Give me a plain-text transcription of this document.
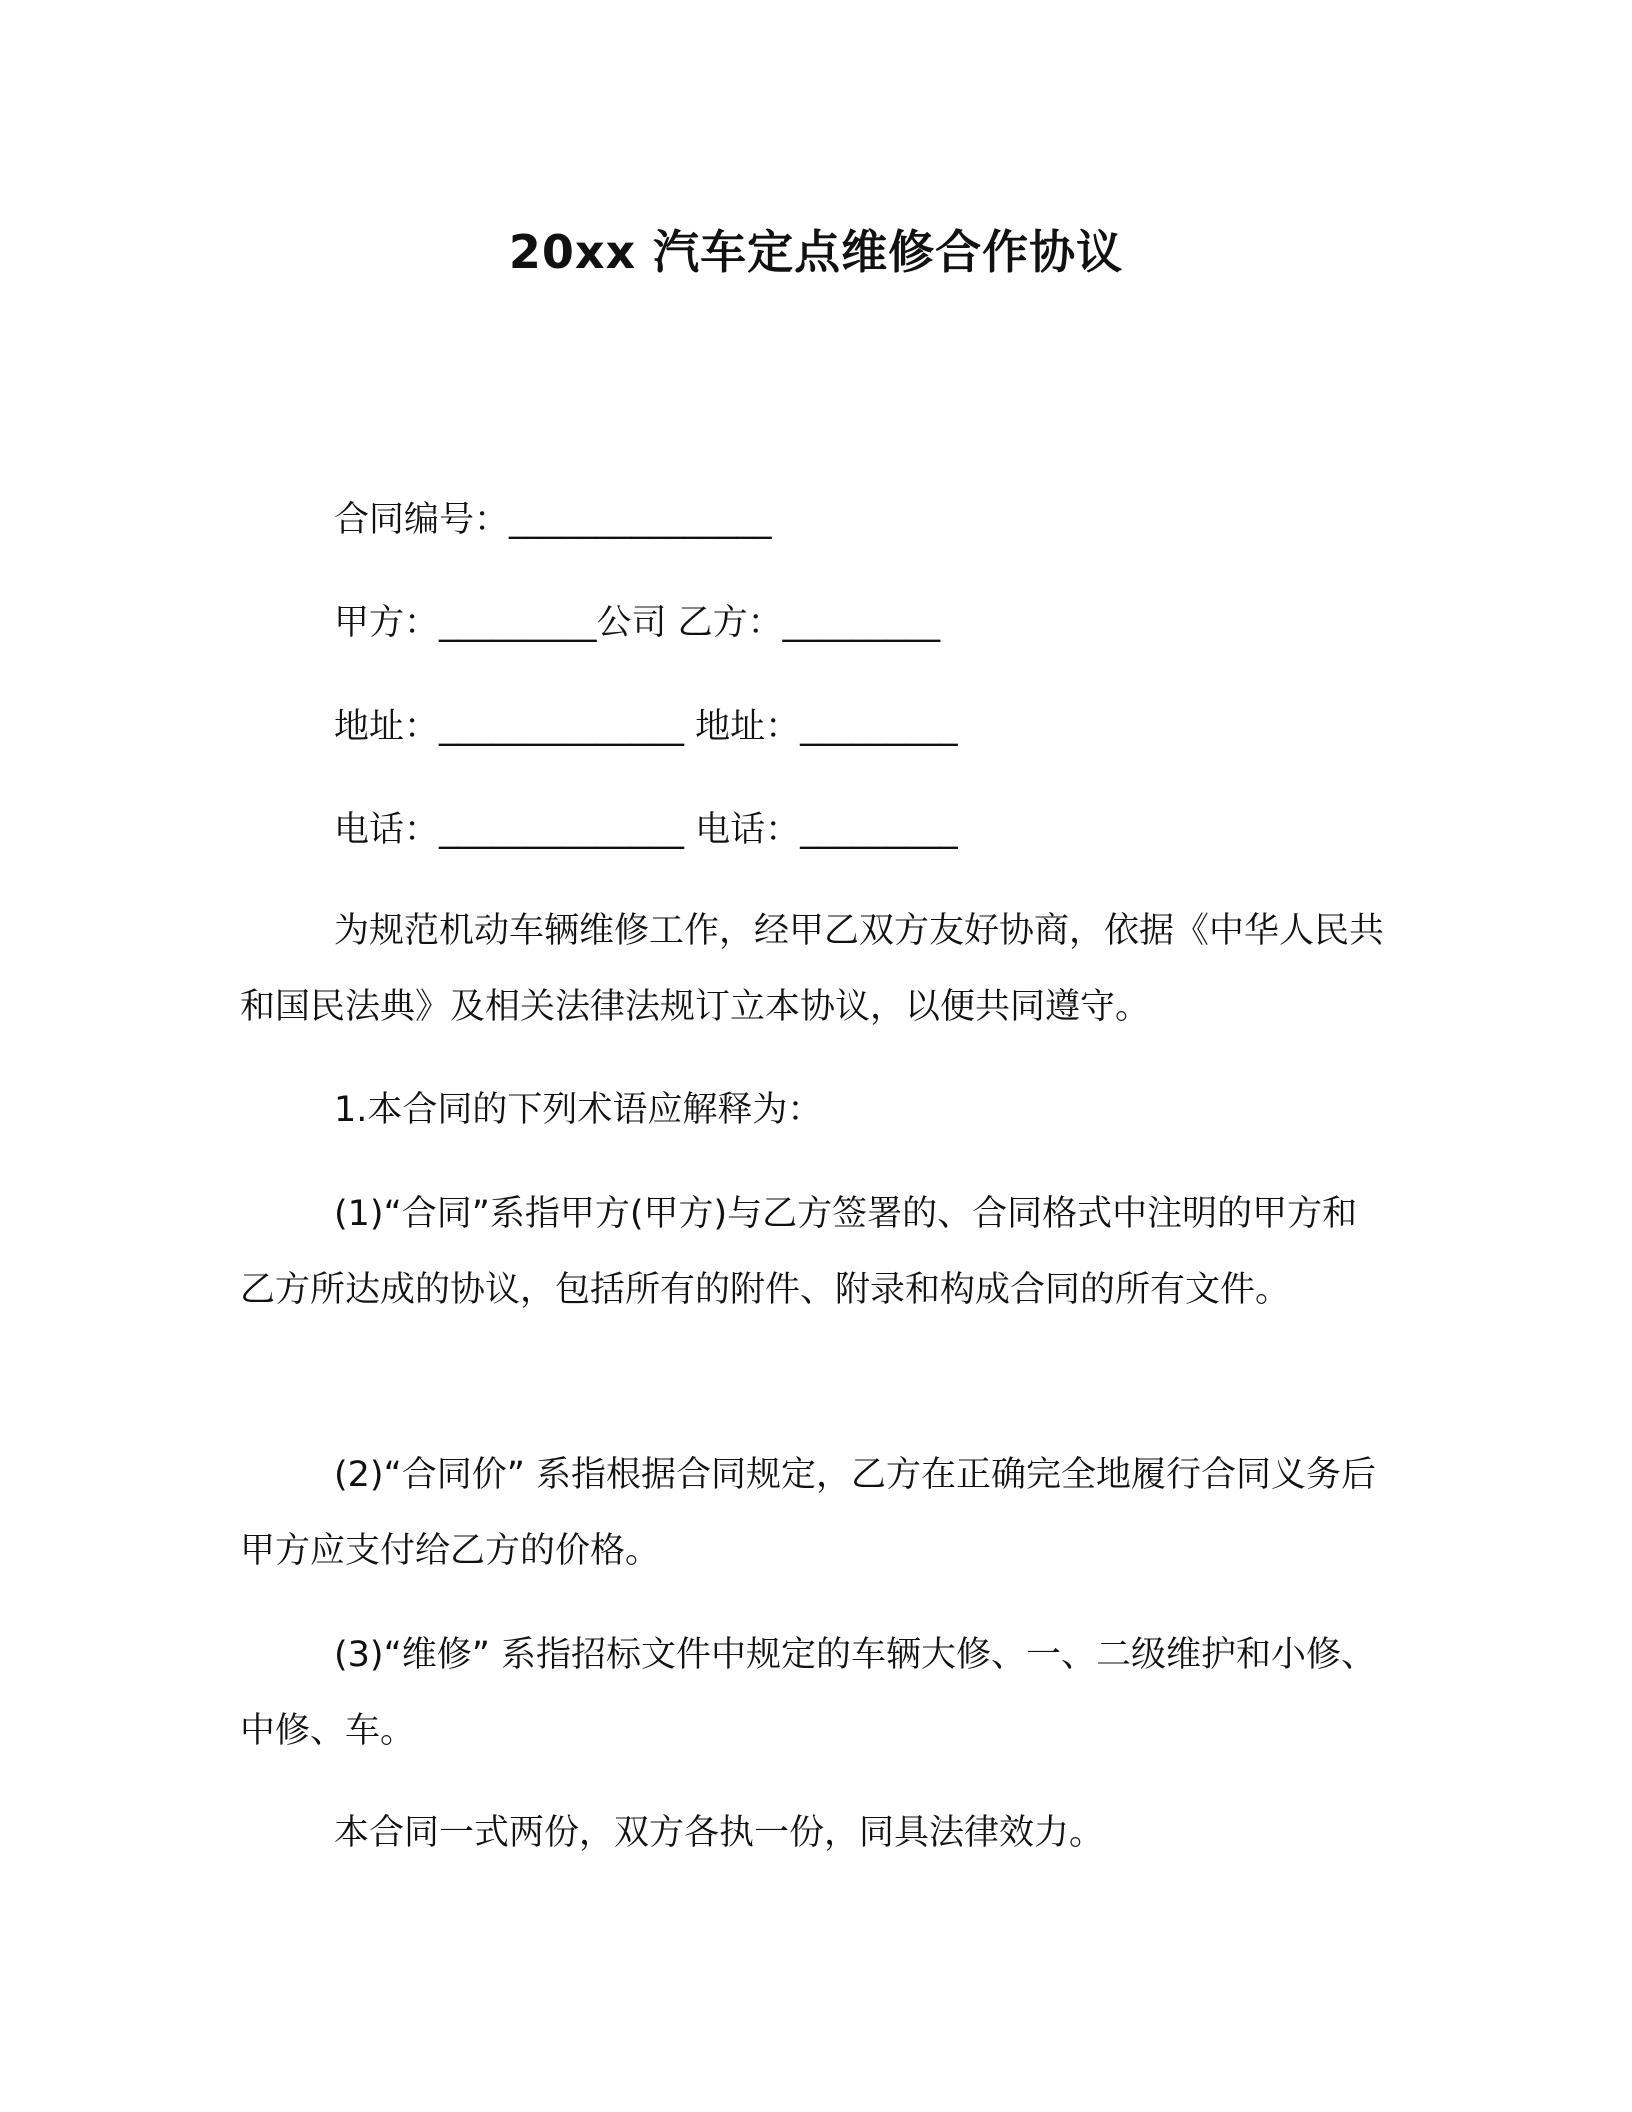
20xx 汽车定点维修合作协议
合同编号：_______________
甲方：_________公司 乙方：_________
地址：______________ 地址：_________
电话：______________ 电话：_________
为规范机动车辆维修工作，经甲乙双方友好协商，依据《中华人民共和国民法典》及相关法律法规订立本协议，以便共同遵守。
1.本合同的下列术语应解释为：
(1)“合同”系指甲方(甲方)与乙方签署的、合同格式中注明的甲方和乙方所达成的协议，包括所有的附件、附录和构成合同的所有文件。
(2)“合同价” 系指根据合同规定，乙方在正确完全地履行合同义务后甲方应支付给乙方的价格。
(3)“维修” 系指招标文件中规定的车辆大修、一、二级维护和小修、中修、车。
本合同一式两份，双方各执一份，同具法律效力。
